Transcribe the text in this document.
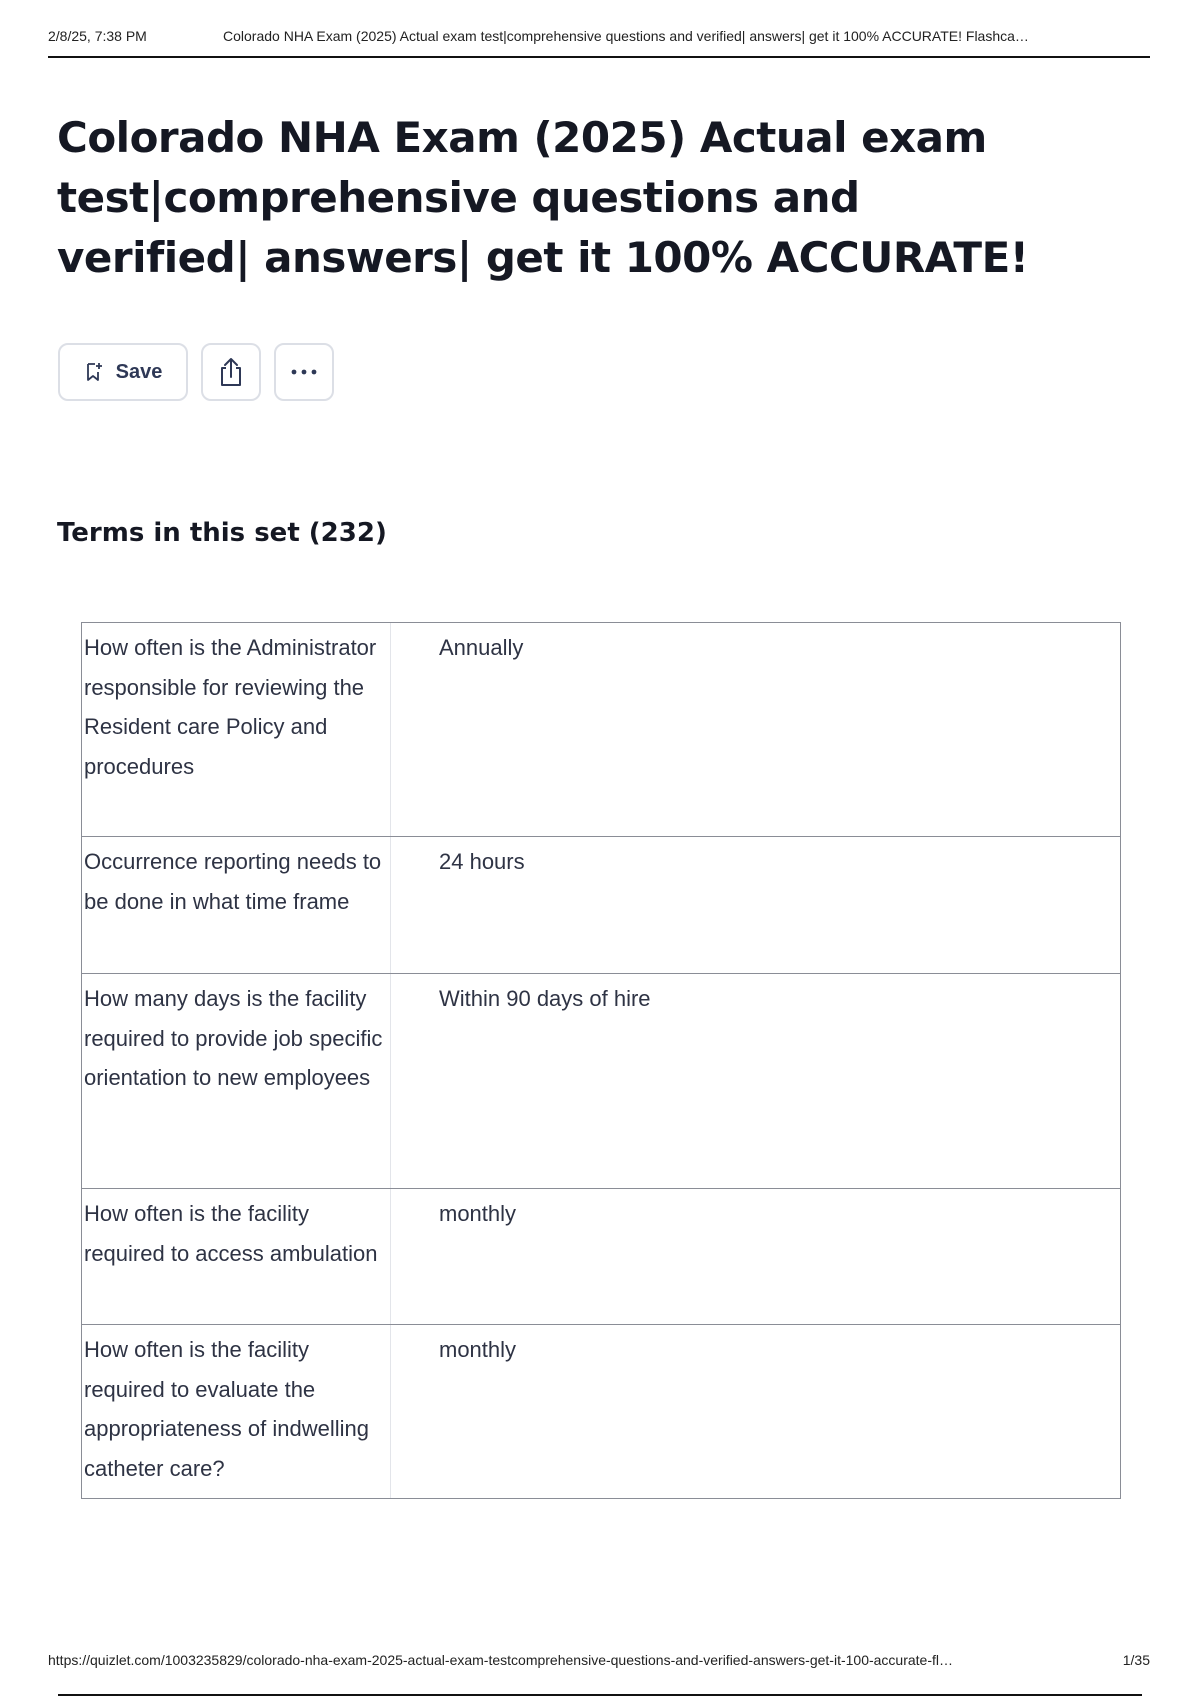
2/8/25, 7:38 PM	Colorado NHA Exam (2025) Actual exam test|comprehensive questions and verified| answers| get it 100% ACCURATE! Flashca…
Colorado NHA Exam (2025) Actual exam test|comprehensive questions and verified| answers| get it 100% ACCURATE!
Save
Terms in this set (232)
How often is the Administrator responsible for reviewing the Resident care Policy and procedures
Annually
Occurrence reporting needs to be done in what time frame
24 hours
How many days is the facility required to provide job specific orientation to new employees
Within 90 days of hire
How often is the facility required to access ambulation
monthly
How often is the facility required to evaluate the appropriateness of indwelling catheter care?
monthly
https://quizlet.com/1003235829/colorado-nha-exam-2025-actual-exam-testcomprehensive-questions-and-verified-answers-get-it-100-accurate-fl…	1/35
